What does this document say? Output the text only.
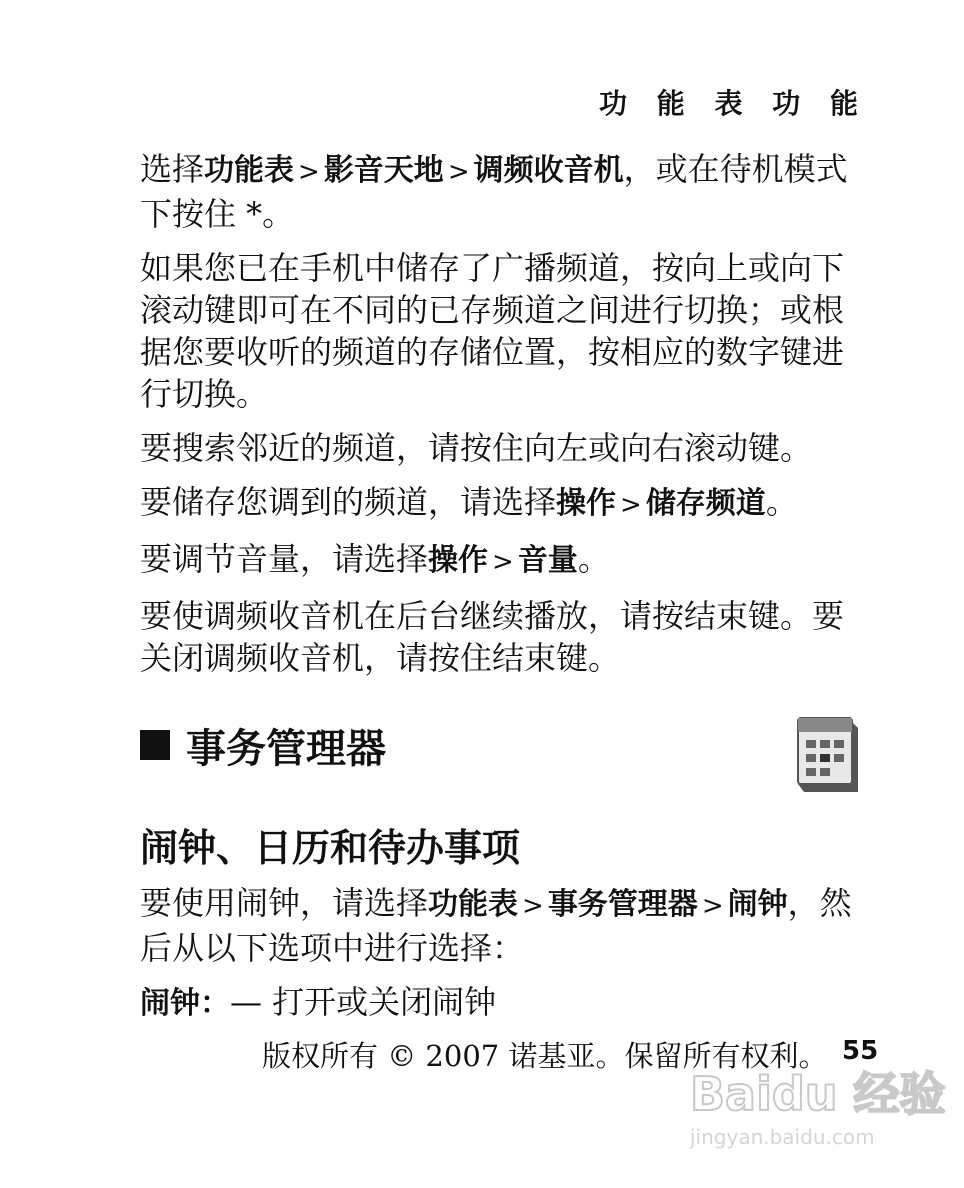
功 能 表 功 能

选择功能表 > 影音天地 > 调频收音机，或在待机模式下按住 *。

如果您已在手机中储存了广播频道，按向上或向下滚动键即可在不同的已存频道之间进行切换；或根据您要收听的频道的存储位置，按相应的数字键进行切换。

要搜索邻近的频道，请按住向左或向右滚动键。

要储存您调到的频道，请选择操作 > 储存频道。

要调节音量，请选择操作 > 音量。

要使调频收音机在后台继续播放，请按结束键。要关闭调频收音机，请按住结束键。

事务管理器
闹钟、日历和待办事项

要使用闹钟，请选择功能表 > 事务管理器 > 闹钟，然后从以下选项中进行选择：

闹钟：— 打开或关闭闹钟

版权所有 © 2007 诺基亚。保留所有权利。 55
Baidu 经验
jingyan.baidu.com
